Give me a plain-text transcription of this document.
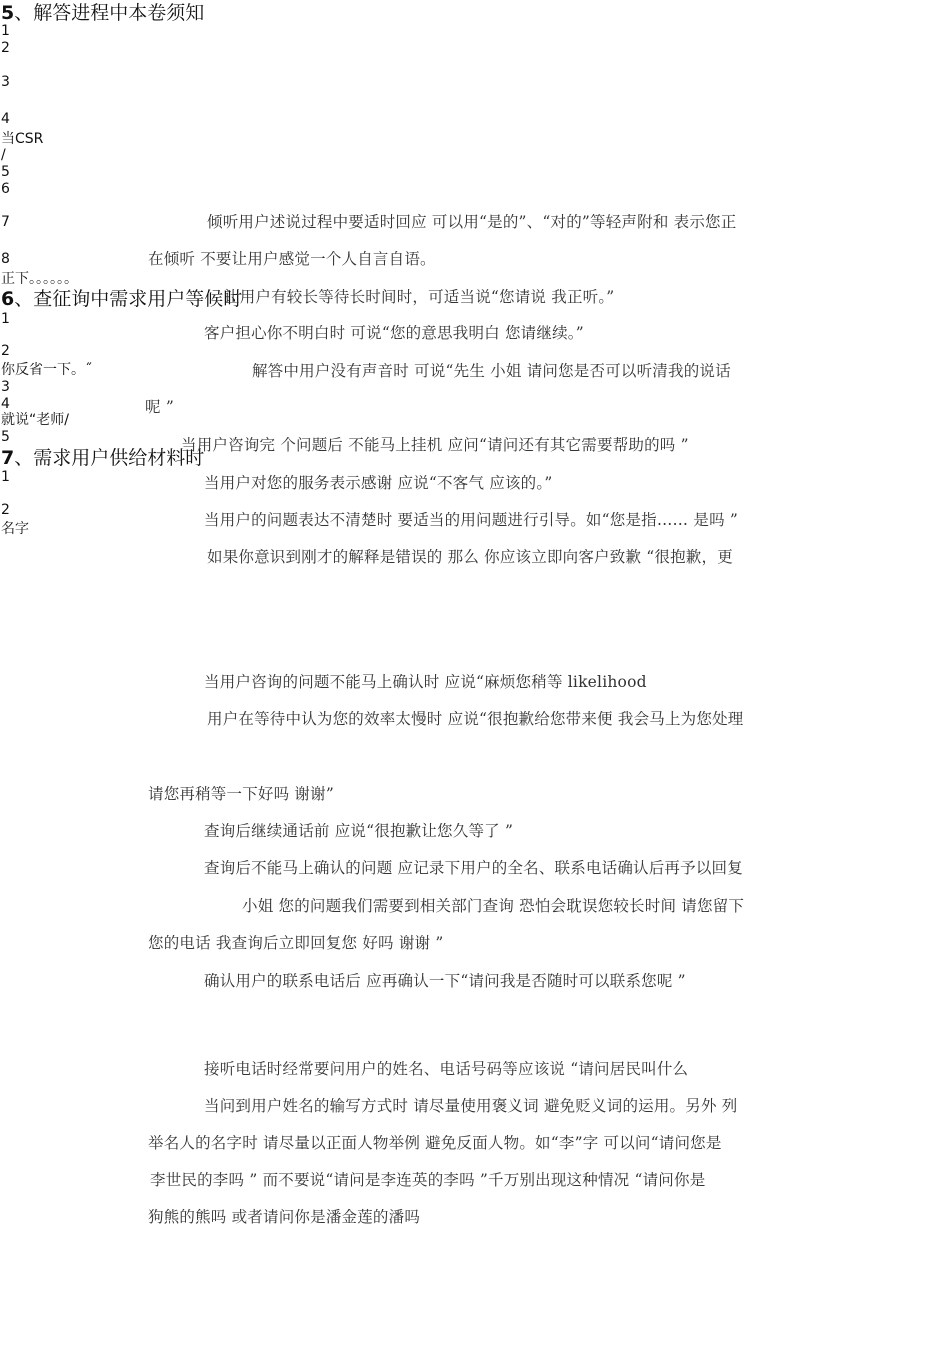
5、解答进程中本卷须知
1
2
3
4
当CSR
/
5
6
7
8
正下。。。。。。
6、查征询中需求用户等候时
1
2
你反省一下。˝
3
4
就说“老师/
5
7、需求用户供给材料时
1
2
名字
倾听用户述说过程中要适时回应 可以用“是的”、“对的”等轻声附和 表示您正
在倾听 不要让用户感觉一个人自言自语。
让用户有较长等待长时间时，可适当说“您请说 我正听。”
客户担心你不明白时 可说“您的意思我明白 您请继续。”
解答中用户没有声音时 可说“先生 小姐 请问您是否可以听清我的说话
呢 ”
当用户咨询完 个问题后 不能马上挂机 应问“请问还有其它需要帮助的吗 ”
当用户对您的服务表示感谢 应说“不客气 应该的。”
当用户的问题表达不清楚时 要适当的用问题进行引导。如“您是指…… 是吗 ”
如果你意识到刚才的解释是错误的 那么 你应该立即向客户致歉 “很抱歉，更
当用户咨询的问题不能马上确认时 应说“麻烦您稍等 likelihood
用户在等待中认为您的效率太慢时 应说“很抱歉给您带来便 我会马上为您处理
请您再稍等一下好吗 谢谢”
查询后继续通话前 应说“很抱歉让您久等了 ”
查询后不能马上确认的问题 应记录下用户的全名、联系电话确认后再予以回复
小姐 您的问题我们需要到相关部门查询 恐怕会耽误您较长时间 请您留下
您的电话 我查询后立即回复您 好吗 谢谢 ”
确认用户的联系电话后 应再确认一下“请问我是否随时可以联系您呢 ”
接听电话时经常要问用户的姓名、电话号码等应该说 “请问居民叫什么
当问到用户姓名的输写方式时 请尽量使用褒义词 避免贬义词的运用。另外 列
举名人的名字时 请尽量以正面人物举例 避免反面人物。如“李”字 可以问“请问您是
李世民的李吗 ” 而不要说“请问是李连英的李吗 ”千万别出现这种情况 “请问你是
狗熊的熊吗 或者请问你是潘金莲的潘吗
